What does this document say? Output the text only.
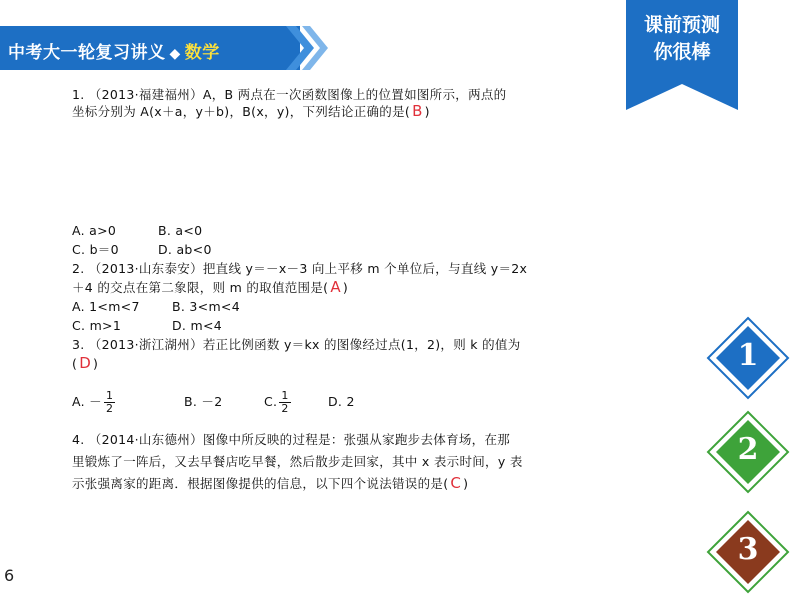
中考大一轮复习讲义 ◆ 数学
课前预测
你很棒
1. （2013·福建福州）A，B 两点在一次函数图像上的位置如图所示，两点的
坐标分别为 A(x＋a，y＋b)，B(x，y)，下列结论正确的是( B )
A. a>0	B. a<0
C. b＝0	D. ab<0
2. （2013·山东泰安）把直线 y＝－x－3 向上平移 m 个单位后，与直线 y＝2x
＋4 的交点在第二象限，则 m 的取值范围是( A )
A. 1<m<7	B. 3<m<4
C. m>1	D. m<4
3. （2013·浙江湖州）若正比例函数 y＝kx 的图像经过点(1，2)，则 k 的值为
( D )
A. － $\frac{1}{2}$	B. －2	C. $\frac{1}{2}$	D. 2
4. （2014·山东德州）图像中所反映的过程是：张强从家跑步去体育场，在那
里锻炼了一阵后，又去早餐店吃早餐，然后散步走回家，其中 x 表示时间，y 表
示张强离家的距离．根据图像提供的信息，以下四个说法错误的是( C )
6
1
2
3
